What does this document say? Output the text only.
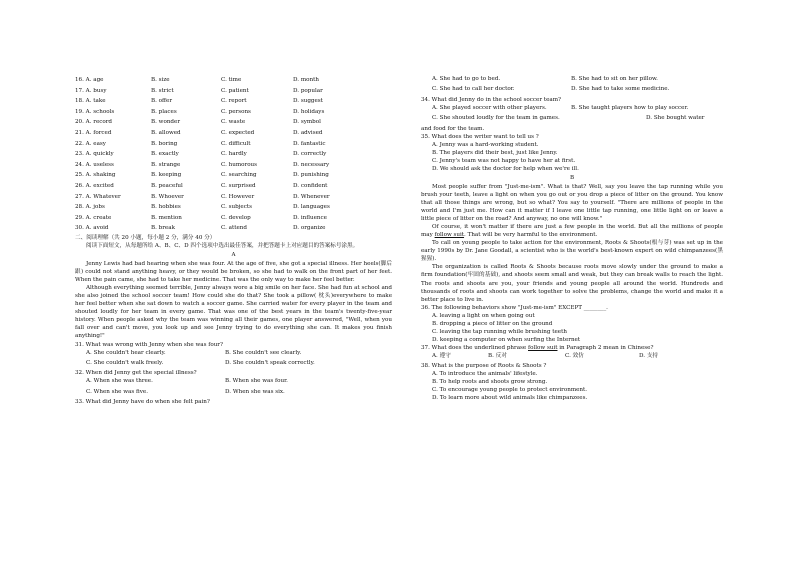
16. A. age	B. size	C. time	D. month
17. A. busy	B. strict	C. patient	D. popular
18. A. take	B. offer	C. report	D. suggest
19. A. schools	B. places	C. persons	D. holidays
20. A. record	B. wonder	C. waste	D. symbol
21. A. forced	B. allowed	C. expected	D. advised
22. A. easy	B. boring	C. difficult	D. fantastic
23. A. quickly	B. exactly	C. hardly	D. correctly
24. A. useless	B. strange	C. humorous	D. necessary
25. A. shaking	B. keeping	C. searching	D. punishing
26. A. excited	B. peaceful	C. surprised	D. confident
27. A. Whatever	B. Whoever	C. However	D. Whenever
28. A. jobs	B. hobbies	C. subjects	D. languages
29. A. create	B. mention	C. develop	D. influence
30. A. avoid	B. break	C. attend	D. organize

二、阅读理解（共 20 小题，每小题 2 分，满分 40 分）

阅读下面短文，从每题所给 A、B、C、D 四个选项中选出最佳答案，并把答题卡上对应题目的答案标号涂黑。

A

Jenny Lewis had bad hearing when she was four. At the age of five, she got a special illness. Her heels(脚后跟) could not stand anything heavy, or they would be broken, so she had to walk on the front part of her feet. When the pain came, she had to take her medicine. That was the only way to make her feel better.

Although everything seemed terrible, Jenny always wore a big smile on her face. She had fun at school and she also joined the school soccer team! How could she do that? She took a pillow( 枕头)everywhere to make her feel better when she sat down to watch a soccer game. She carried water for every player in the team and shouted loudly for her team in every game. That was one of the best years in the team's twenty-five-year history. When people asked why the team was winning all their games, one player answered, "Well, when you fall over and can't move, you look up and see Jenny trying to do everything she can. It makes you finish anything!"

31. What was wrong with Jenny when she was four?

A. She couldn't hear clearly.	B. She couldn't see clearly.
C. She couldn't walk freely.	D. She couldn't speak correctly.

32. When did Jenny get the special illness?

A. When she was three.	B. When she was four.
C. When she was five.	D. When she was six.

33. What did Jenny have do when she felt pain?

A. She had to go to bed.	B. She had to sit on her pillow.
C. She had to call her doctor.	D. She had to take some medicine.

34. What did Jenny do in the school soccer team?

A. She played soccer with other players.	B. She taught players how to play soccer.
C. She shouted loudly for the team in games.	D. She bought water

and food for the team.

35. What does the writer want to tell us ?

A. Jenny was a hard-working student.

B. The players did their best, just like Jenny.

C. Jenny's team was not happy to have her at first.

D. We should ask the doctor for help when we're ill.

B

Most people suffer from "Just-me-ism". What is that? Well, say you leave the tap running while you brush your teeth, leave a light on when you go out or you drop a piece of litter on the ground. You know that all those things are wrong, but so what? You say to yourself. "There are millions of people in the world and I'm just me. How can it matter if I leave one little tap running, one little light on or leave a little piece of litter on the road? And anyway, no one will know."

Of course, it won't matter if there are just a few people in the world. But all the millions of people may follow suit. That will be very harmful to the environment.

To call on young people to take action for the environment, Roots & Shoots(根与芽) was set up in the early 1990s by Dr. Jane Goodall, a scientist who is the world's best-known expert on wild chimpanzees(黑猩猩).

The organization is called Roots & Shoots because roots move slowly under the ground to make a firm foundation(牢固的基础), and shoots seem small and weak, but they can break walls to reach the light. The roots and shoots are you, your friends and young people all around the world. Hundreds and thousands of roots and shoots can work together to solve the problems, change the world and make it a better place to live in.

36. The following behaviors show "Just-me-ism" EXCEPT ________.

A. leaving a light on when going out

B. dropping a piece of litter on the ground

C. leaving the tap running while brushing teeth

D. keeping a computer on when surfing the Internet

37. What does the underlined phrase follow suit in Paragraph 2 mean in Chinese?

A. 遵守	B. 反对	C. 效仿	D. 支持

38. What is the purpose of Roots & Shoots ?

A. To introduce the animals' lifestyle.

B. To help roots and shoots grow strong.

C. To encourage young people to protect environment.

D. To learn more about wild animals like chimpanzees.
